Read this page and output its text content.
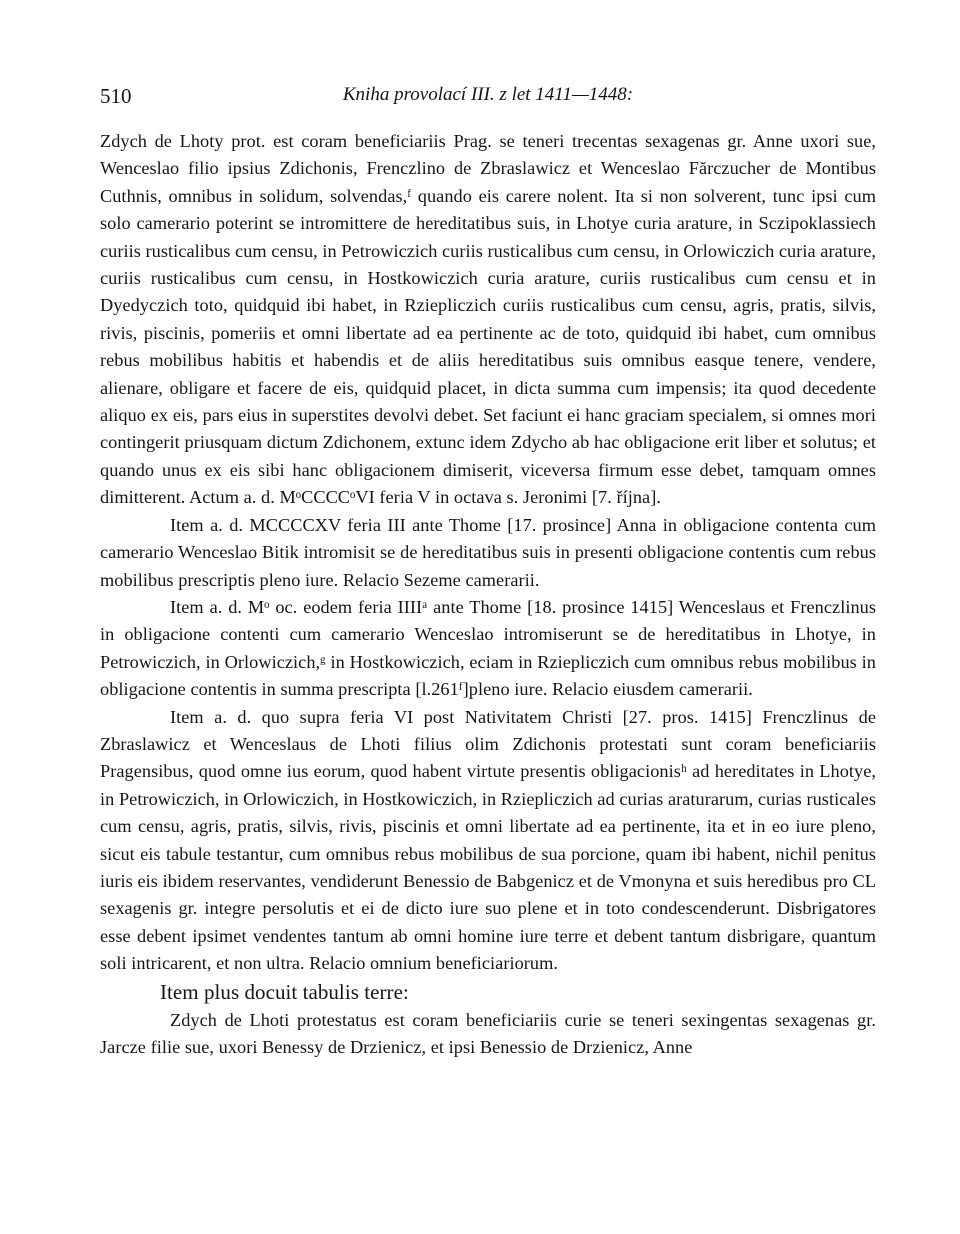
510	Kniha provolací III. z let 1411—1448:

Zdych de Lhoty prot. est coram beneficiariis Prag. se teneri trecentas sexagenas gr. Anne uxori sue, Wenceslao filio ipsius Zdichonis, Frenczlino de Zbraslawicz et Wenceslao Fărczucher de Montibus Cuthnis, omnibus in solidum, solvendas,ᶠ quando eis carere nolent. Ita si non solverent, tunc ipsi cum solo camerario poterint se intromittere de hereditatibus suis, in Lhotye curia arature, in Sczipoklassiech curiis rusticalibus cum censu, in Petrowiczich curiis rusticalibus cum censu, in Orlowiczich curia arature, curiis rusticalibus cum censu, in Hostkowiczich curia arature, curiis rusticalibus cum censu et in Dyedyczich toto, quidquid ibi habet, in Rziepliczich curiis rusticalibus cum censu, agris, pratis, silvis, rivis, piscinis, pomeriis et omni libertate ad ea pertinente ac de toto, quidquid ibi habet, cum omnibus rebus mobilibus habitis et habendis et de aliis hereditatibus suis omnibus easque tenere, vendere, alienare, obligare et facere de eis, quidquid placet, in dicta summa cum impensis; ita quod decedente aliquo ex eis, pars eius in superstites devolvi debet. Set faciunt ei hanc graciam specialem, si omnes mori contingerit priusquam dictum Zdichonem, extunc idem Zdycho ab hac obligacione erit liber et solutus; et quando unus ex eis sibi hanc obligacionem dimiserit, viceversa firmum esse debet, tamquam omnes dimitterent. Actum a. d. MᵒCCCCᵒVI feria V in octava s. Jeronimi [7. října].

Item a. d. MCCCCXV feria III ante Thome [17. prosince] Anna in obligacione contenta cum camerario Wenceslao Bitik intromisit se de hereditatibus suis in presenti obligacione contentis cum rebus mobilibus prescriptis pleno iure. Relacio Sezeme camerarii.

Item a. d. Mᵒ oc. eodem feria IIIIᵃ ante Thome [18. prosince 1415] Wenceslaus et Frenczlinus in obligacione contenti cum camerario Wenceslao intromiserunt se de hereditatibus in Lhotye, in Petrowiczich, in Orlowiczich,ᵍ in Hostkowiczich, eciam in Rziepliczich cum omnibus rebus mobilibus in obligacione contentis in summa prescripta [l.261ᶠ]pleno iure. Relacio eiusdem camerarii.

Item a. d. quo supra feria VI post Nativitatem Christi [27. pros. 1415] Frenczlinus de Zbraslawicz et Wenceslaus de Lhoti filius olim Zdichonis protestati sunt coram beneficiariis Pragensibus, quod omne ius eorum, quod habent virtute presentis obligacionisʰ ad hereditates in Lhotye, in Petrowiczich, in Orlowiczich, in Hostkowiczich, in Rziepliczich ad curias araturarum, curias rusticales cum censu, agris, pratis, silvis, rivis, piscinis et omni libertate ad ea pertinente, ita et in eo iure pleno, sicut eis tabule testantur, cum omnibus rebus mobilibus de sua porcione, quam ibi habent, nichil penitus iuris eis ibidem reservantes, vendiderunt Benessio de Babgenicz et de Vmonyna et suis heredibus pro CL sexagenis gr. integre persolutis et ei de dicto iure suo plene et in toto condescenderunt. Disbrigatores esse debent ipsimet vendentes tantum ab omni homine iure terre et debent tantum disbrigare, quantum soli intricarent, et non ultra. Relacio omnium beneficiariorum.

Item plus docuit tabulis terre:

Zdych de Lhoti protestatus est coram beneficiariis curie se teneri sexingentas sexagenas gr. Jarcze filie sue, uxori Benessy de Drzienicz, et ipsi Benessio de Drzienicz, Anne
